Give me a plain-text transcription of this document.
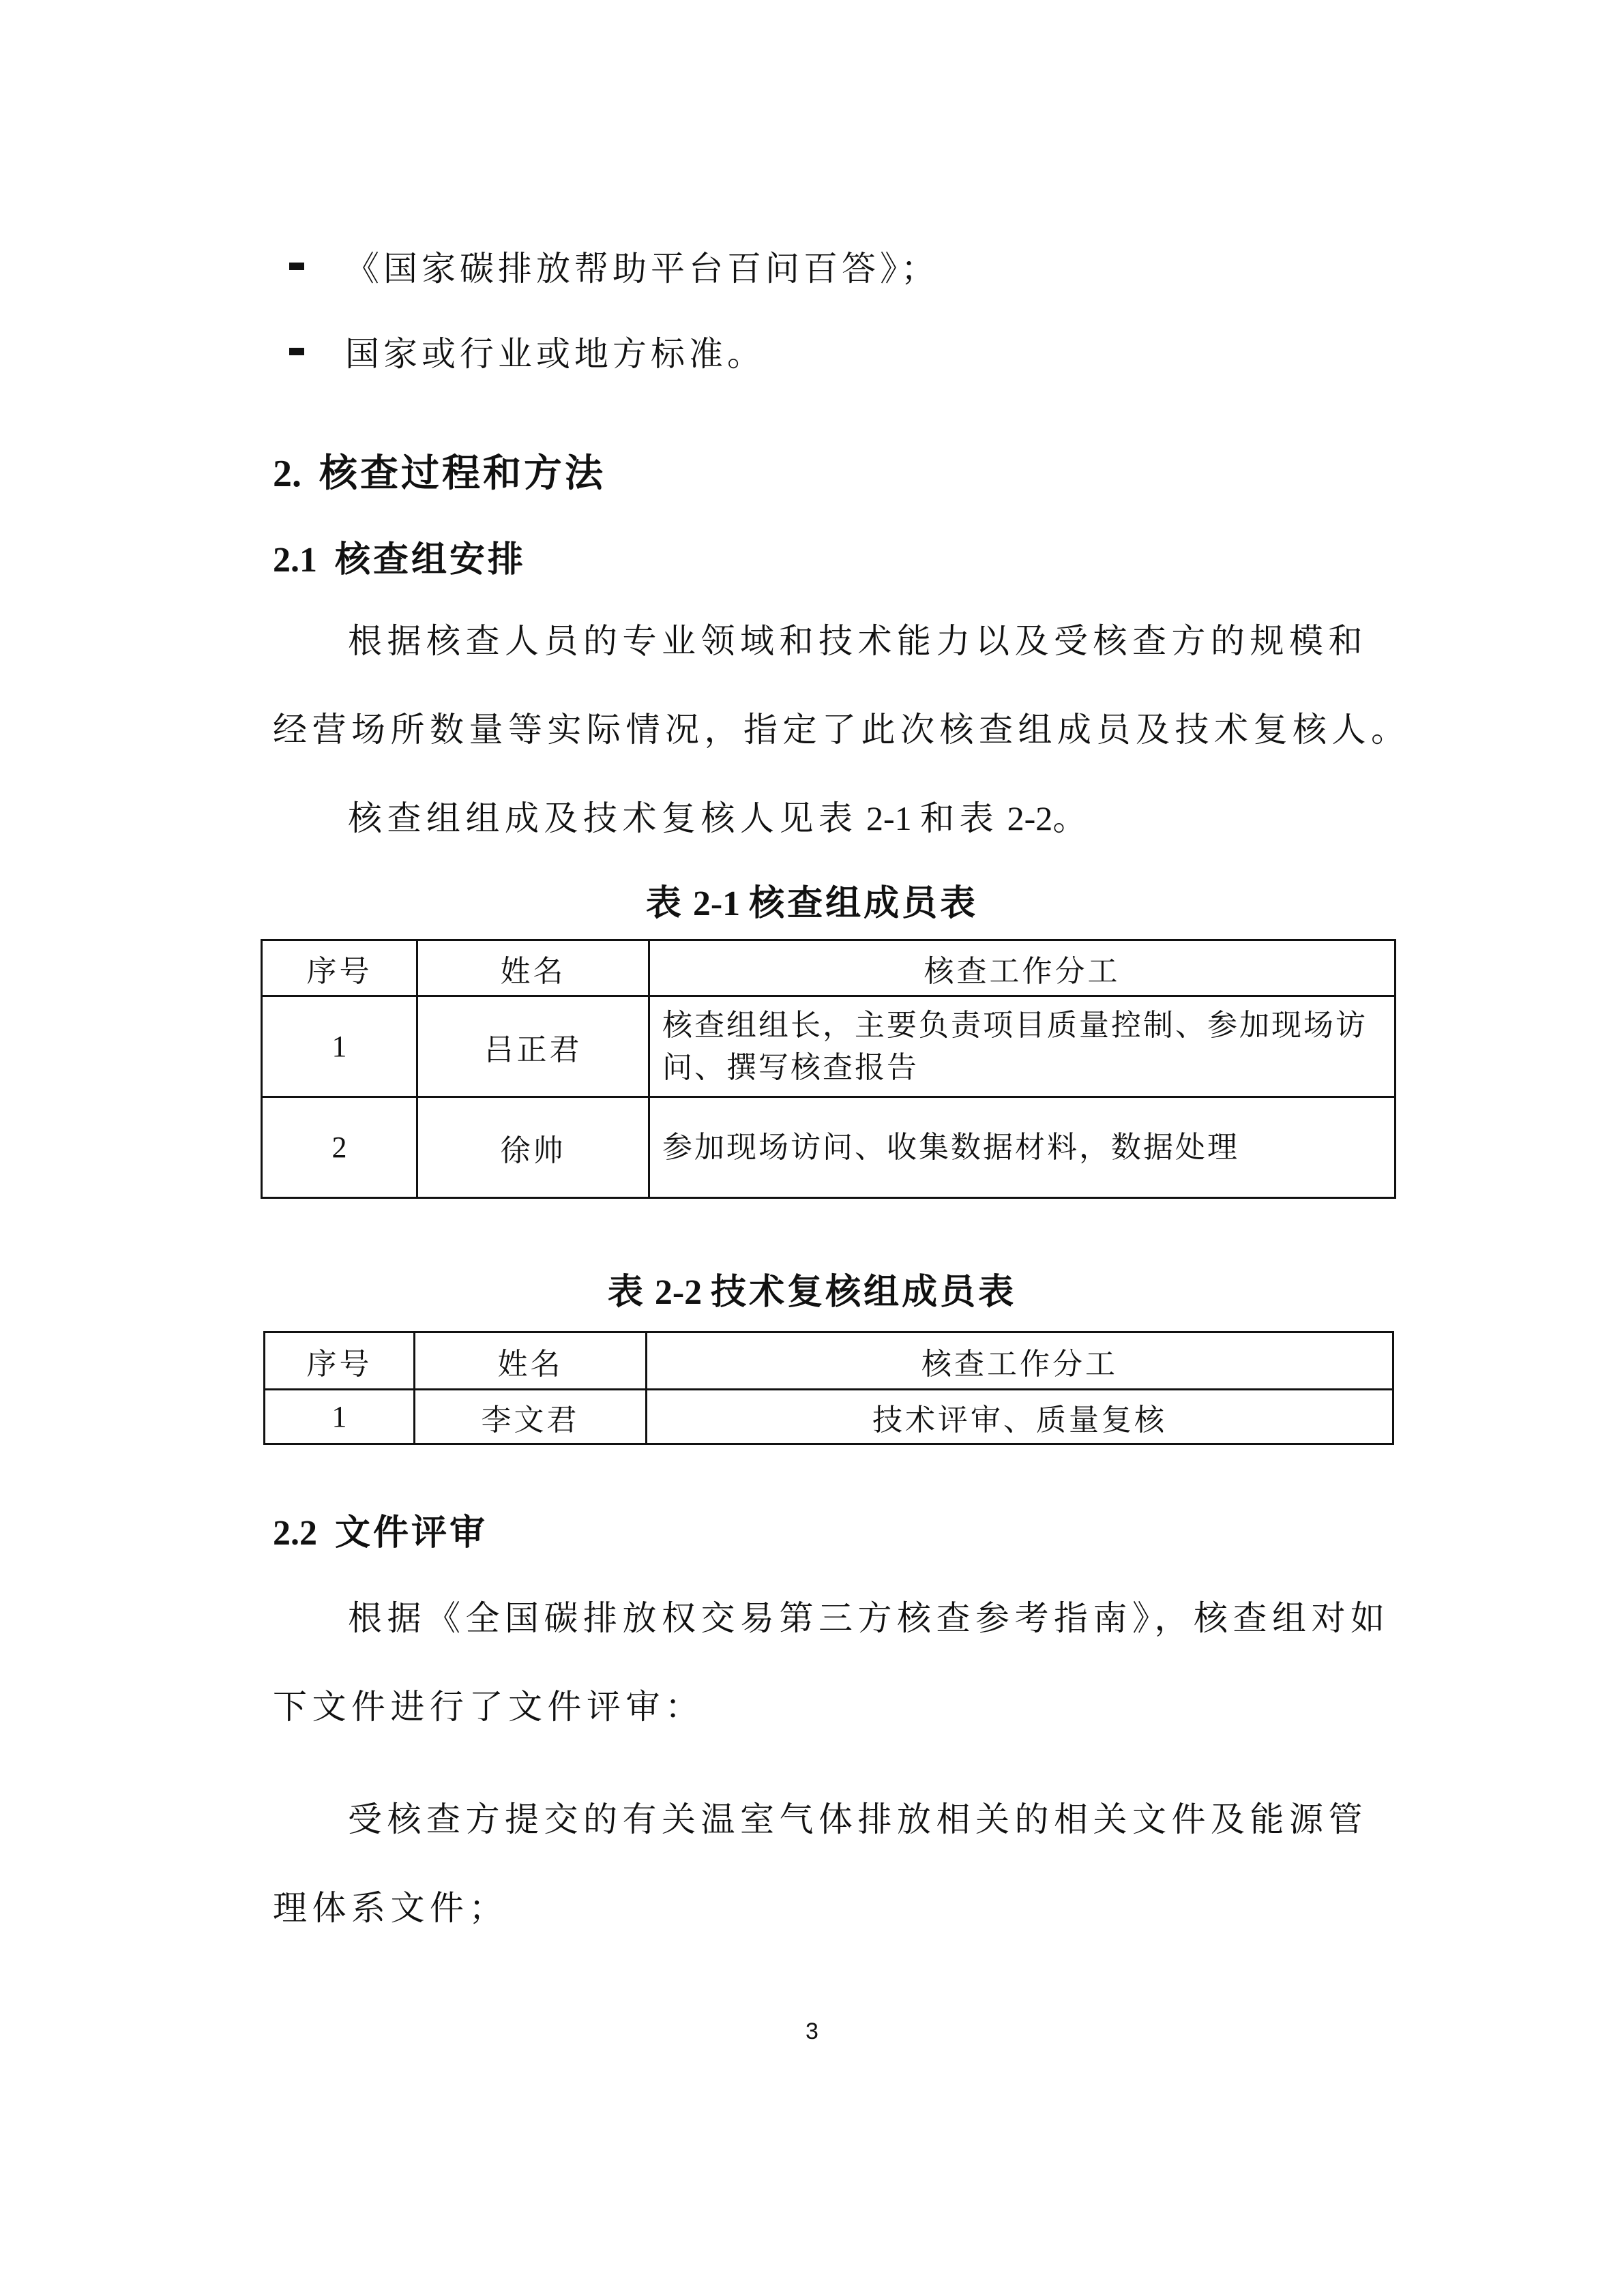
《国家碳排放帮助平台百问百答》；
国家或行业或地方标准。
2. 核查过程和方法
2.1 核查组安排
根据核查人员的专业领域和技术能力以及受核查方的规模和
经营场所数量等实际情况，指定了此次核查组成员及技术复核人。
核查组组成及技术复核人见表 2-1 和表 2-2。
表 2-1 核查组成员表
序号	姓名	核查工作分工
1	吕正君	核查组组长，主要负责项目质量控制、参加现场访
问、撰写核查报告

2	徐帅	参加现场访问、收集数据材料，数据处理
表 2-2 技术复核组成员表
序号	姓名	核查工作分工
1	李文君	技术评审、质量复核
2.2 文件评审
根据《全国碳排放权交易第三方核查参考指南》，核查组对如
下文件进行了文件评审：
受核查方提交的有关温室气体排放相关的相关文件及能源管
理体系文件；
3
